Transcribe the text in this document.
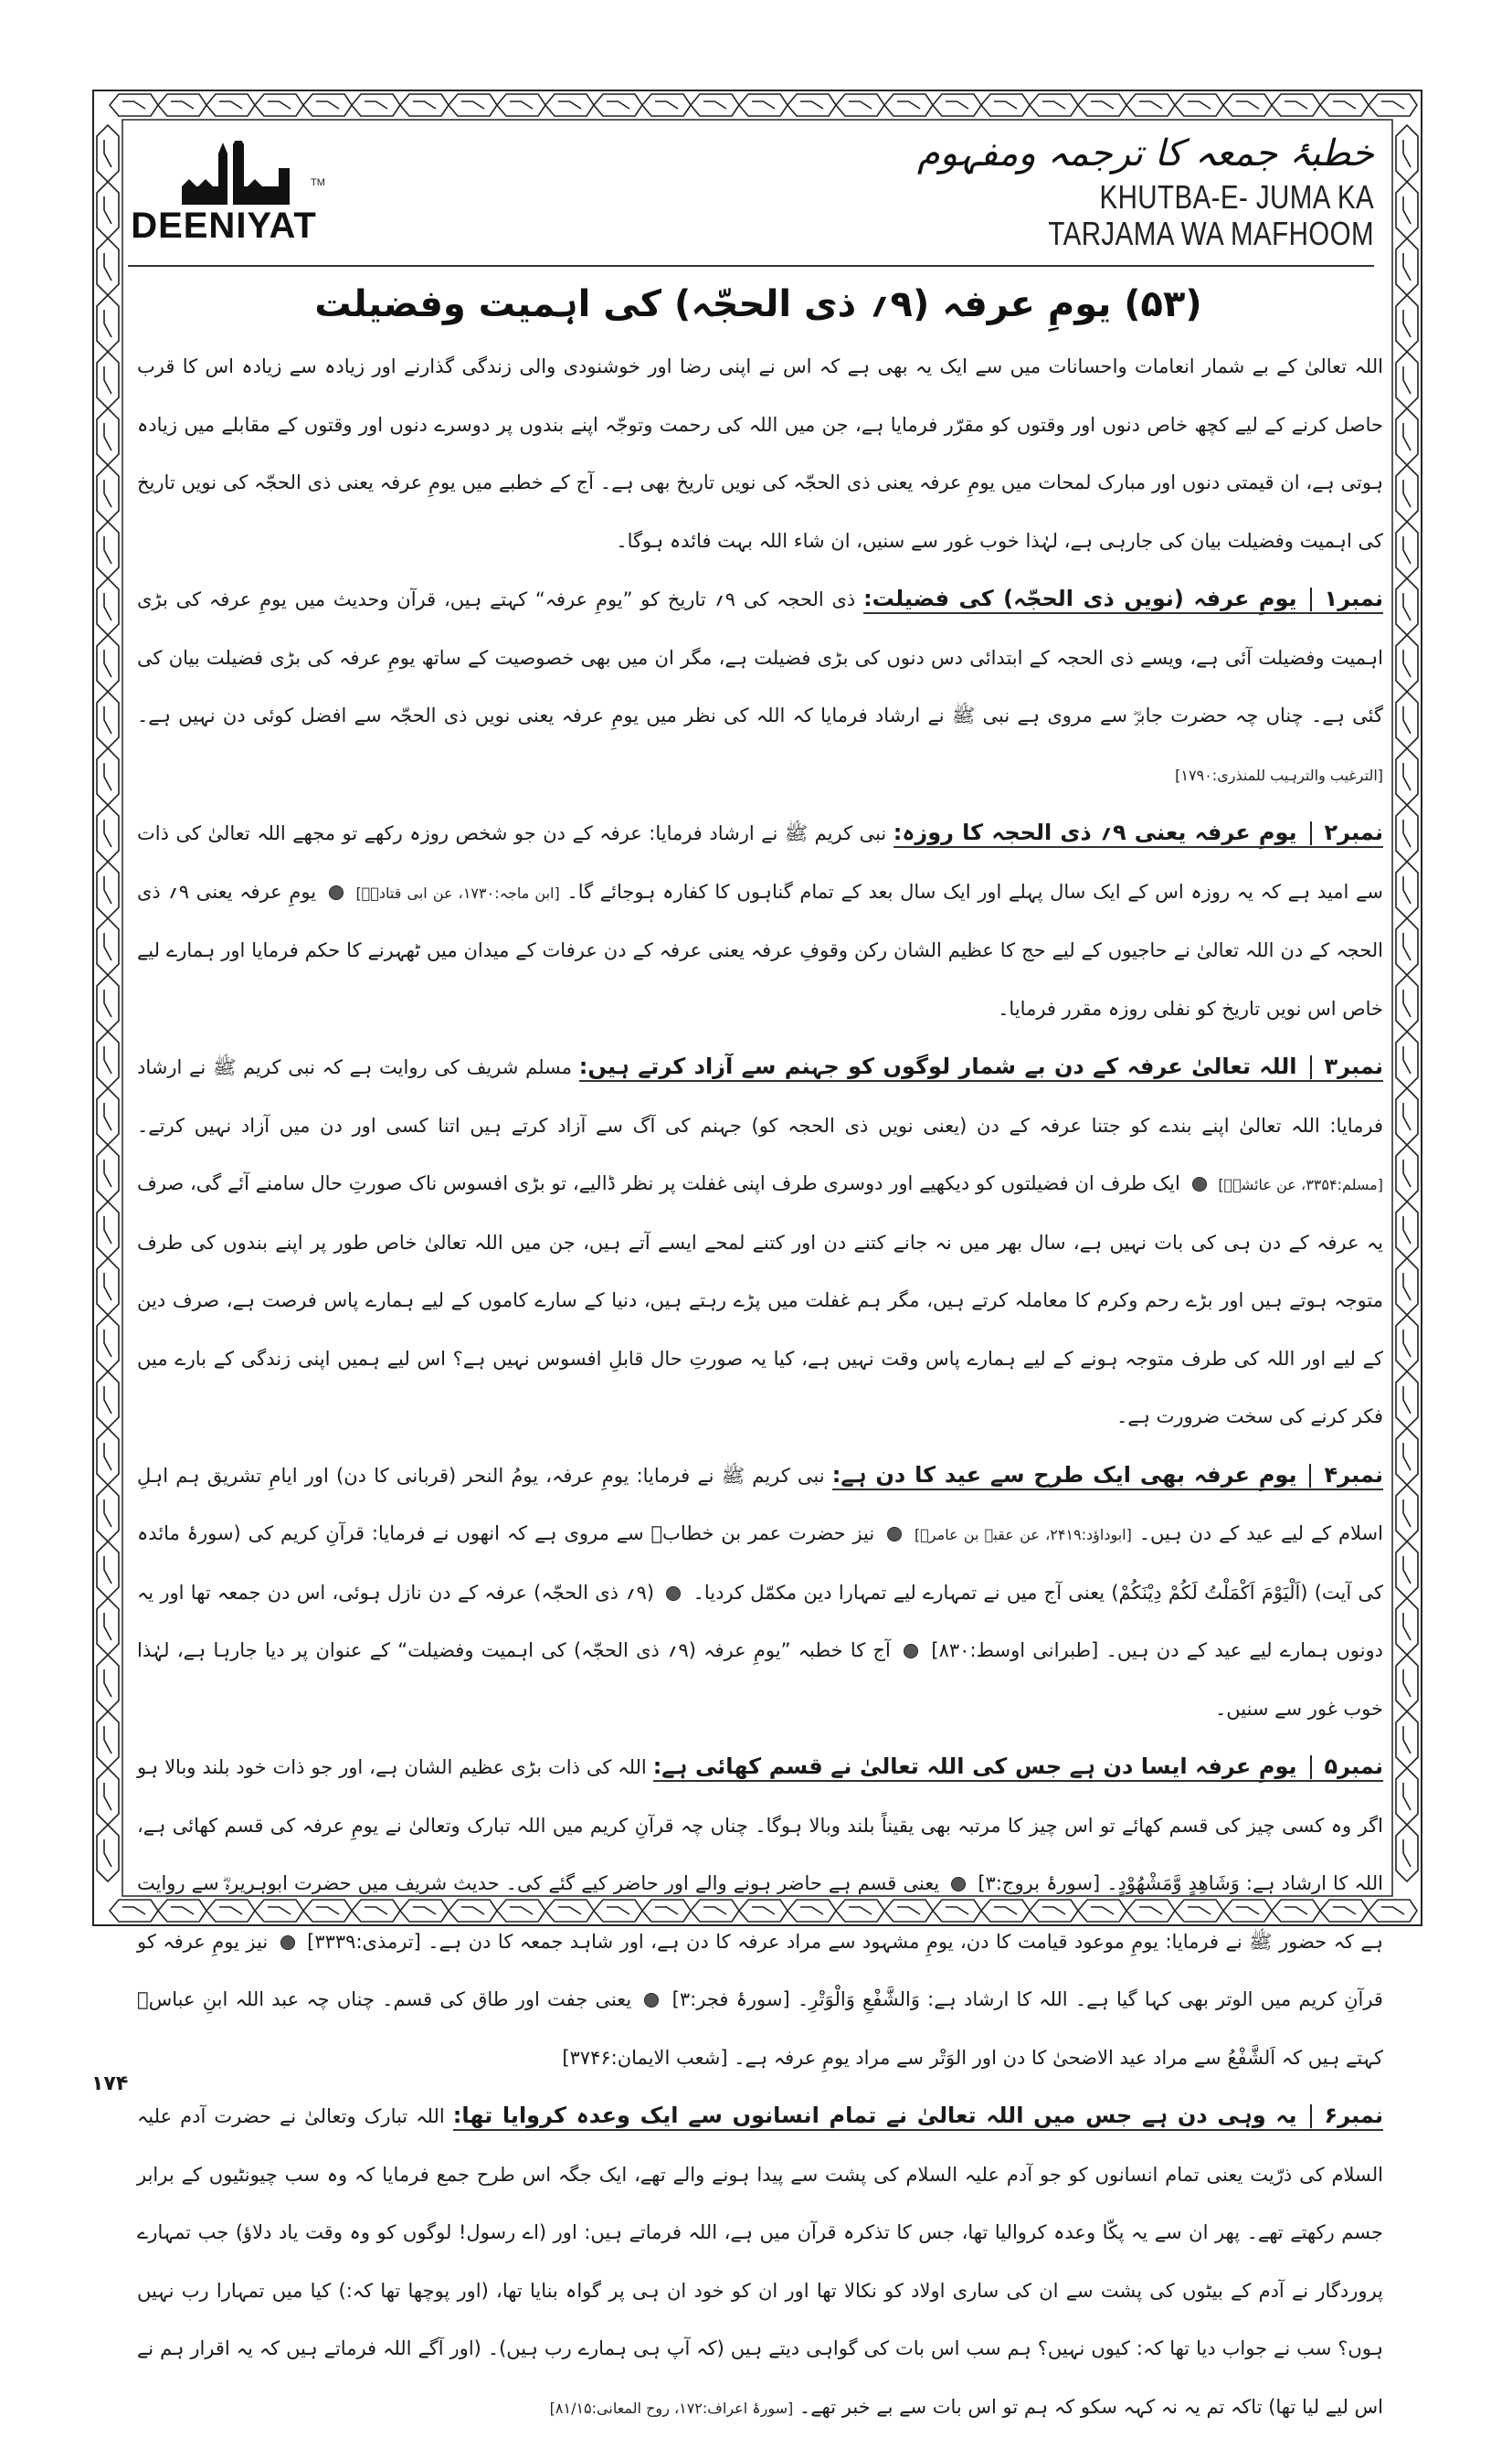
TM
DEENIYAT
خطبۂ جمعہ کا ترجمہ ومفہوم
KHUTBA-E- JUMA KA
TARJAMA WA MAFHOOM
(۵۳) یومِ عرفہ (۹؍ ذی الحجّہ) کی اہمیت وفضیلت

اللہ تعالیٰ کے بے شمار انعامات واحسانات میں سے ایک یہ بھی ہے کہ اس نے اپنی رضا اور خوشنودی والی زندگی گذارنے اور زیادہ سے زیادہ اس کا قرب حاصل کرنے کے لیے کچھ خاص دنوں اور وقتوں کو مقرّر فرمایا ہے، جن میں اللہ کی رحمت وتوجّہ اپنے بندوں پر دوسرے دنوں اور وقتوں کے مقابلے میں زیادہ ہوتی ہے، ان قیمتی دنوں اور مبارک لمحات میں یومِ عرفہ یعنی ذی الحجّہ کی نویں تاریخ بھی ہے۔ آج کے خطبے میں یومِ عرفہ یعنی ذی الحجّہ کی نویں تاریخ کی اہمیت وفضیلت بیان کی جارہی ہے، لہٰذا خوب غور سے سنیں، ان شاء اللہ بہت فائدہ ہوگا۔

نمبر۱یومِ عرفہ (نویں ذی الحجّہ) کی فضیلت: ذی الحجہ کی ۹؍ تاریخ کو ”یومِ عرفہ“ کہتے ہیں، قرآن وحدیث میں یومِ عرفہ کی بڑی اہمیت وفضیلت آئی ہے، ویسے ذی الحجہ کے ابتدائی دس دنوں کی بڑی فضیلت ہے، مگر ان میں بھی خصوصیت کے ساتھ یومِ عرفہ کی بڑی فضیلت بیان کی گئی ہے۔ چناں چہ حضرت جابرؓ سے مروی ہے نبی ﷺ نے ارشاد فرمایا کہ اللہ کی نظر میں یومِ عرفہ یعنی نویں ذی الحجّہ سے افضل کوئی دن نہیں ہے۔ [الترغیب والترہیب للمنذری:۱۷۹۰]

نمبر۲یومِ عرفہ یعنی ۹؍ ذی الحجہ کا روزہ: نبی کریم ﷺ نے ارشاد فرمایا: عرفہ کے دن جو شخص روزہ رکھے تو مجھے اللہ تعالیٰ کی ذات سے امید ہے کہ یہ روزہ اس کے ایک سال پہلے اور ایک سال بعد کے تمام گناہوں کا کفارہ ہوجائے گا۔ [ابن ماجہ:۱۷۳۰، عن ابی قتادہؓ]  یومِ عرفہ یعنی ۹؍ ذی الحجہ کے دن اللہ تعالیٰ نے حاجیوں کے لیے حج کا عظیم الشان رکن وقوفِ عرفہ یعنی عرفہ کے دن عرفات کے میدان میں ٹھہرنے کا حکم فرمایا اور ہمارے لیے خاص اس نویں تاریخ کو نفلی روزہ مقرر فرمایا۔

نمبر۳اللہ تعالیٰ عرفہ کے دن بے شمار لوگوں کو جہنم سے آزاد کرتے ہیں: مسلم شریف کی روایت ہے کہ نبی کریم ﷺ نے ارشاد فرمایا: اللہ تعالیٰ اپنے بندے کو جتنا عرفہ کے دن (یعنی نویں ذی الحجہ کو) جہنم کی آگ سے آزاد کرتے ہیں اتنا کسی اور دن میں آزاد نہیں کرتے۔ [مسلم:۳۳۵۴، عن عائشہؓ]  ایک طرف ان فضیلتوں کو دیکھیے اور دوسری طرف اپنی غفلت پر نظر ڈالیے، تو بڑی افسوس ناک صورتِ حال سامنے آئے گی، صرف یہ عرفہ کے دن ہی کی بات نہیں ہے، سال بھر میں نہ جانے کتنے دن اور کتنے لمحے ایسے آتے ہیں، جن میں اللہ تعالیٰ خاص طور پر اپنے بندوں کی طرف متوجہ ہوتے ہیں اور بڑے رحم وکرم کا معاملہ کرتے ہیں، مگر ہم غفلت میں پڑے رہتے ہیں، دنیا کے سارے کاموں کے لیے ہمارے پاس فرصت ہے، صرف دین کے لیے اور اللہ کی طرف متوجہ ہونے کے لیے ہمارے پاس وقت نہیں ہے، کیا یہ صورتِ حال قابلِ افسوس نہیں ہے؟ اس لیے ہمیں اپنی زندگی کے بارے میں فکر کرنے کی سخت ضرورت ہے۔

نمبر۴یومِ عرفہ بھی ایک طرح سے عید کا دن ہے: نبی کریم ﷺ نے فرمایا: یومِ عرفہ، یومُ النحر (قربانی کا دن) اور ایامِ تشریق ہم اہلِ اسلام کے لیے عید کے دن ہیں۔ [ابوداؤد:۲۴۱۹، عن عقبہ بن عامرؓ]  نیز حضرت عمر بن خطابؓ سے مروی ہے کہ انھوں نے فرمایا: قرآنِ کریم کی (سورۂ مائدہ کی آیت) (اَلْیَوْمَ اَکْمَلْتُ لَکُمْ دِیْنَکُمْ) یعنی آج میں نے تمہارے لیے تمہارا دین مکمّل کردیا۔  (۹؍ ذی الحجّہ) عرفہ کے دن نازل ہوئی، اس دن جمعہ تھا اور یہ دونوں ہمارے لیے عید کے دن ہیں۔ [طبرانی اوسط:۸۳۰]  آج کا خطبہ ”یومِ عرفہ (۹؍ ذی الحجّہ) کی اہمیت وفضیلت“ کے عنوان پر دیا جارہا ہے، لہٰذا خوب غور سے سنیں۔

نمبر۵یومِ عرفہ ایسا دن ہے جس کی اللہ تعالیٰ نے قسم کھائی ہے: اللہ کی ذات بڑی عظیم الشان ہے، اور جو ذات خود بلند وبالا ہو اگر وہ کسی چیز کی قسم کھائے تو اس چیز کا مرتبہ بھی یقیناً بلند وبالا ہوگا۔ چناں چہ قرآنِ کریم میں اللہ تبارک وتعالیٰ نے یومِ عرفہ کی قسم کھائی ہے، اللہ کا ارشاد ہے: وَشَاهِدٍ وَّمَشْهُوْدٍ۔ [سورۂ بروج:۳]  یعنی قسم ہے حاضر ہونے والے اور حاضر کیے گئے کی۔ حدیث شریف میں حضرت ابوہریرہؓ سے روایت ہے کہ حضور ﷺ نے فرمایا: یومِ موعود قیامت کا دن، یومِ مشہود سے مراد عرفہ کا دن ہے، اور شاہد جمعہ کا دن ہے۔ [ترمذی:۳۳۳۹]  نیز یومِ عرفہ کو قرآنِ کریم میں الوتر بھی کہا گیا ہے۔ اللہ کا ارشاد ہے: وَالشَّفْعِ وَالْوَتْرِ۔ [سورۂ فجر:۳]  یعنی جفت اور طاق کی قسم۔ چناں چہ عبد اللہ ابنِ عباسؓ کہتے ہیں کہ اَلشَّفْعُ سے مراد عید الاضحیٰ کا دن اور الوَتْر سے مراد یومِ عرفہ ہے۔ [شعب الایمان:۳۷۴۶]

نمبر۶یہ وہی دن ہے جس میں اللہ تعالیٰ نے تمام انسانوں سے ایک وعدہ کروایا تھا: اللہ تبارک وتعالیٰ نے حضرت آدم علیہ السلام کی ذرّیت یعنی تمام انسانوں کو جو آدم علیہ السلام کی پشت سے پیدا ہونے والے تھے، ایک جگہ اس طرح جمع فرمایا کہ وہ سب چیونٹیوں کے برابر جسم رکھتے تھے۔ پھر ان سے یہ پکّا وعدہ کروالیا تھا، جس کا تذکرہ قرآن میں ہے، اللہ فرماتے ہیں: اور (اے رسول! لوگوں کو وہ وقت یاد دلاؤ) جب تمہارے پروردگار نے آدم کے بیٹوں کی پشت سے ان کی ساری اولاد کو نکالا تھا اور ان کو خود ان ہی پر گواہ بنایا تھا، (اور پوچھا تھا کہ:) کیا میں تمہارا رب نہیں ہوں؟ سب نے جواب دیا تھا کہ: کیوں نہیں؟ ہم سب اس بات کی گواہی دیتے ہیں (کہ آپ ہی ہمارے رب ہیں)۔ (اور آگے اللہ فرماتے ہیں کہ یہ اقرار ہم نے اس لیے لیا تھا) تاکہ تم یہ نہ کہہ سکو کہ ہم تو اس بات سے بے خبر تھے۔ [سورۂ اعراف:۱۷۲، روح المعانی:۸۱/۱۵]

۱۷۴
